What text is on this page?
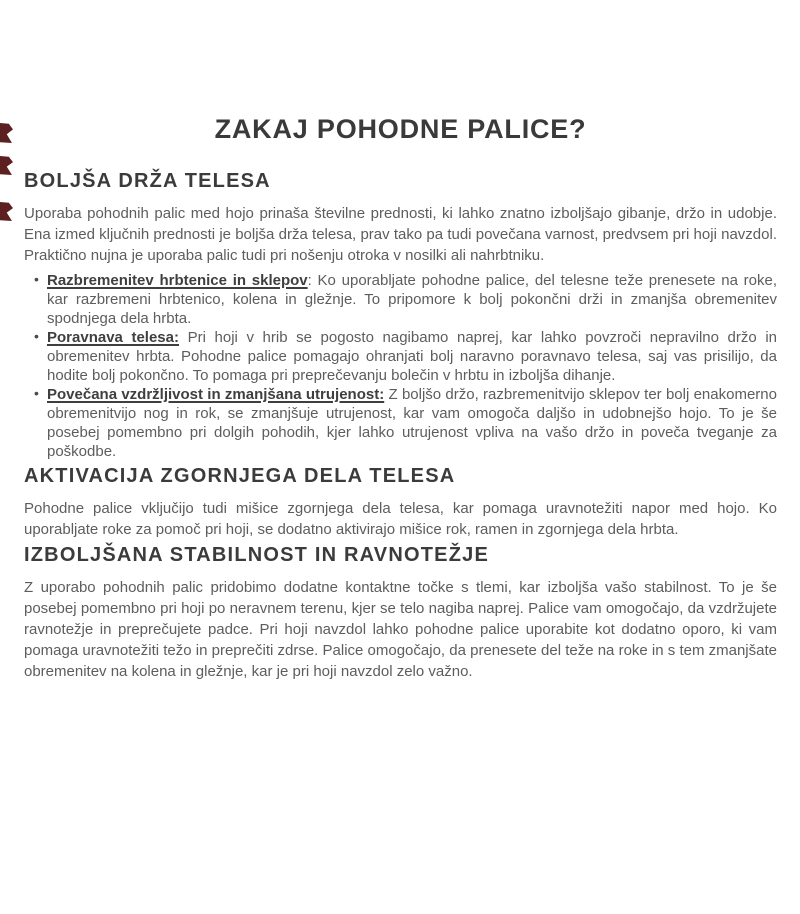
ZAKAJ POHODNE PALICE?
BOLJŠA DRŽA TELESA

Uporaba pohodnih palic med hojo prinaša številne prednosti, ki lahko znatno izboljšajo gibanje, držo in udobje. Ena izmed ključnih prednosti je boljša drža telesa, prav tako pa tudi povečana varnost, predvsem pri hoji navzdol. Praktično nujna je uporaba palic tudi pri nošenju otroka v nosilki ali nahrbtniku.

• Razbremenitev hrbtenice in sklepov: Ko uporabljate pohodne palice, del telesne teže prenesete na roke, kar razbremeni hrbtenico, kolena in gležnje. To pripomore k bolj pokončni drži in zmanjša obremenitev spodnjega dela hrbta.
• Poravnava telesa: Pri hoji v hrib se pogosto nagibamo naprej, kar lahko povzroči nepravilno držo in obremenitev hrbta. Pohodne palice pomagajo ohranjati bolj naravno poravnavo telesa, saj vas prisilijo, da hodite bolj pokončno. To pomaga pri preprečevanju bolečin v hrbtu in izboljša dihanje.
• Povečana vzdržljivost in zmanjšana utrujenost: Z boljšo držo, razbremenitvijo sklepov ter bolj enakomerno obremenitvijo nog in rok, se zmanjšuje utrujenost, kar vam omogoča daljšo in udobnejšo hojo. To je še posebej pomembno pri dolgih pohodih, kjer lahko utrujenost vpliva na vašo držo in poveča tveganje za poškodbe.
AKTIVACIJA ZGORNJEGA DELA TELESA

Pohodne palice vključijo tudi mišice zgornjega dela telesa, kar pomaga uravnotežiti napor med hojo. Ko uporabljate roke za pomoč pri hoji, se dodatno aktivirajo mišice rok, ramen in zgornjega dela hrbta.

IZBOLJŠANA STABILNOST IN RAVNOTEŽJE

Z uporabo pohodnih palic pridobimo dodatne kontaktne točke s tlemi, kar izboljša vašo stabilnost. To je še posebej pomembno pri hoji po neravnem terenu, kjer se telo nagiba naprej. Palice vam omogočajo, da vzdržujete ravnotežje in preprečujete padce. Pri hoji navzdol lahko pohodne palice uporabite kot dodatno oporo, ki vam pomaga uravnotežiti težo in preprečiti zdrse. Palice omogočajo, da prenesete del teže na roke in s tem zmanjšate obremenitev na kolena in gležnje, kar je pri hoji navzdol zelo važno.
